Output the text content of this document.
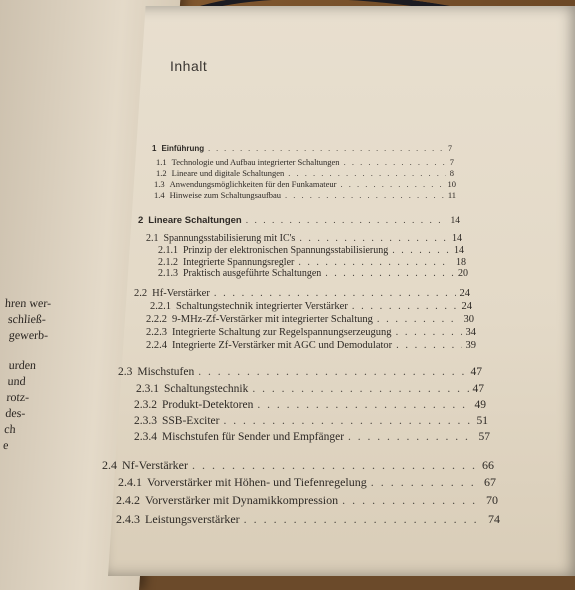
hren wer-
schließ-
gewerb-
urden
und
rotz-
des-
ch
e
Inhalt
1 Einführung . . .	7
1.1 Technologie und Aufbau integrierter Schaltungen . . .	7
1.2 Lineare und digitale Schaltungen . . .	8
1.3 Anwendungsmöglichkeiten für den Funkamateur . . .	10
1.4 Hinweise zum Schaltungsaufbau . . .	11
2 Lineare Schaltungen . . .	14
2.1 Spannungsstabilisierung mit IC's . . .	14
2.1.1 Prinzip der elektronischen Spannungsstabilisierung . . .	14
2.1.2 Integrierte Spannungsregler . . .	18
2.1.3 Praktisch ausgeführte Schaltungen . . .	20
2.2 Hf-Verstärker . . .	24
2.2.1 Schaltungstechnik integrierter Verstärker . . .	24
2.2.2 9-MHz-Zf-Verstärker mit integrierter Schaltung . . .	30
2.2.3 Integrierte Schaltung zur Regelspannungserzeugung . . .	34
2.2.4 Integrierte Zf-Verstärker mit AGC und Demodulator . . .	39
2.3 Mischstufen . . .	47
2.3.1 Schaltungstechnik . . .	47
2.3.2 Produkt-Detektoren . . .	49
2.3.3 SSB-Exciter . . .	51
2.3.4 Mischstufen für Sender und Empfänger . . .	57
2.4 Nf-Verstärker . . .	66
2.4.1 Vorverstärker mit Höhen- und Tiefenregelung . . .	67
2.4.2 Vorverstärker mit Dynamikkompression . . .	70
2.4.3 Leistungsverstärker . . .	74
